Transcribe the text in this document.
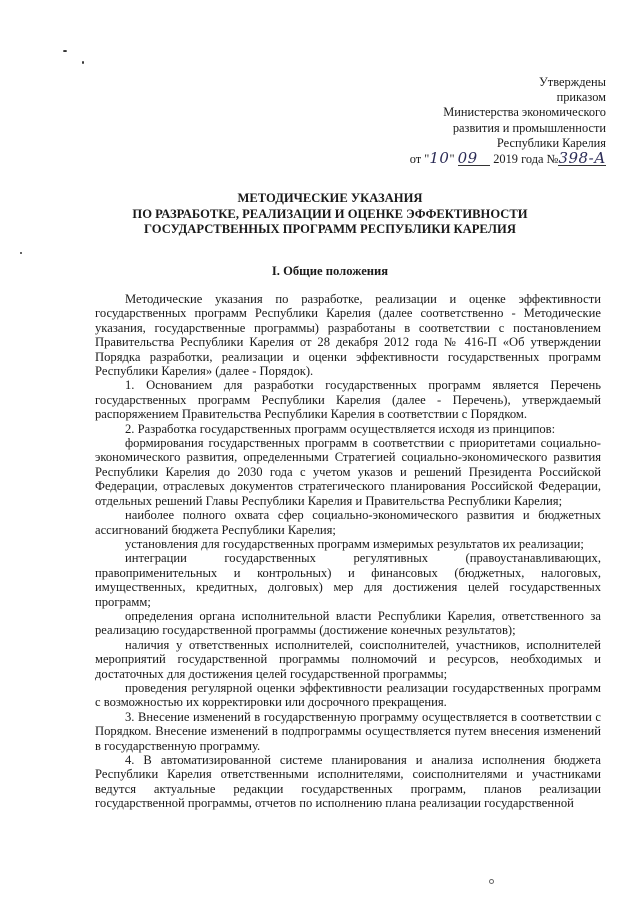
Утверждены
приказом
Министерства экономического
развития и промышленности
Республики Карелия
от "10" 09     2019 года №398-А
МЕТОДИЧЕСКИЕ УКАЗАНИЯ
ПО РАЗРАБОТКЕ, РЕАЛИЗАЦИИ И ОЦЕНКЕ ЭФФЕКТИВНОСТИ
ГОСУДАРСТВЕННЫХ ПРОГРАММ РЕСПУБЛИКИ КАРЕЛИЯ
I. Общие положения

Методические указания по разработке, реализации и оценке эффективности государственных программ Республики Карелия (далее соответственно - Методические указания, государственные программы) разработаны в соответствии с постановлением Правительства Республики Карелия от 28 декабря 2012 года № 416-П «Об утверждении Порядка разработки, реализации и оценки эффективности государственных программ Республики Карелия» (далее - Порядок).

1. Основанием для разработки государственных программ является Перечень государственных программ Республики Карелия (далее - Перечень), утверждаемый распоряжением Правительства Республики Карелия в соответствии с Порядком.

2. Разработка государственных программ осуществляется исходя из принципов:

формирования государственных программ в соответствии с приоритетами социально-экономического развития, определенными Стратегией социально-экономического развития Республики Карелия до 2030 года с учетом указов и решений Президента Российской Федерации, отраслевых документов стратегического планирования Российской Федерации, отдельных решений Главы Республики Карелия и Правительства Республики Карелия;

наиболее полного охвата сфер социально-экономического развития и бюджетных ассигнований бюджета Республики Карелия;

установления для государственных программ измеримых результатов их реализации;

интеграции государственных регулятивных (правоустанавливающих, правоприменительных и контрольных) и финансовых (бюджетных, налоговых, имущественных, кредитных, долговых) мер для достижения целей государственных программ;

определения органа исполнительной власти Республики Карелия, ответственного за реализацию государственной программы (достижение конечных результатов);

наличия у ответственных исполнителей, соисполнителей, участников, исполнителей мероприятий государственной программы полномочий и ресурсов, необходимых и достаточных для достижения целей государственной программы;

проведения регулярной оценки эффективности реализации государственных программ с возможностью их корректировки или досрочного прекращения.

3. Внесение изменений в государственную программу осуществляется в соответствии с Порядком. Внесение изменений в подпрограммы осуществляется путем внесения изменений в государственную программу.

4. В автоматизированной системе планирования и анализа исполнения бюджета Республики Карелия ответственными исполнителями, соисполнителями и участниками ведутся актуальные редакции государственных программ, планов реализации государственной программы, отчетов по исполнению плана реализации государственной
